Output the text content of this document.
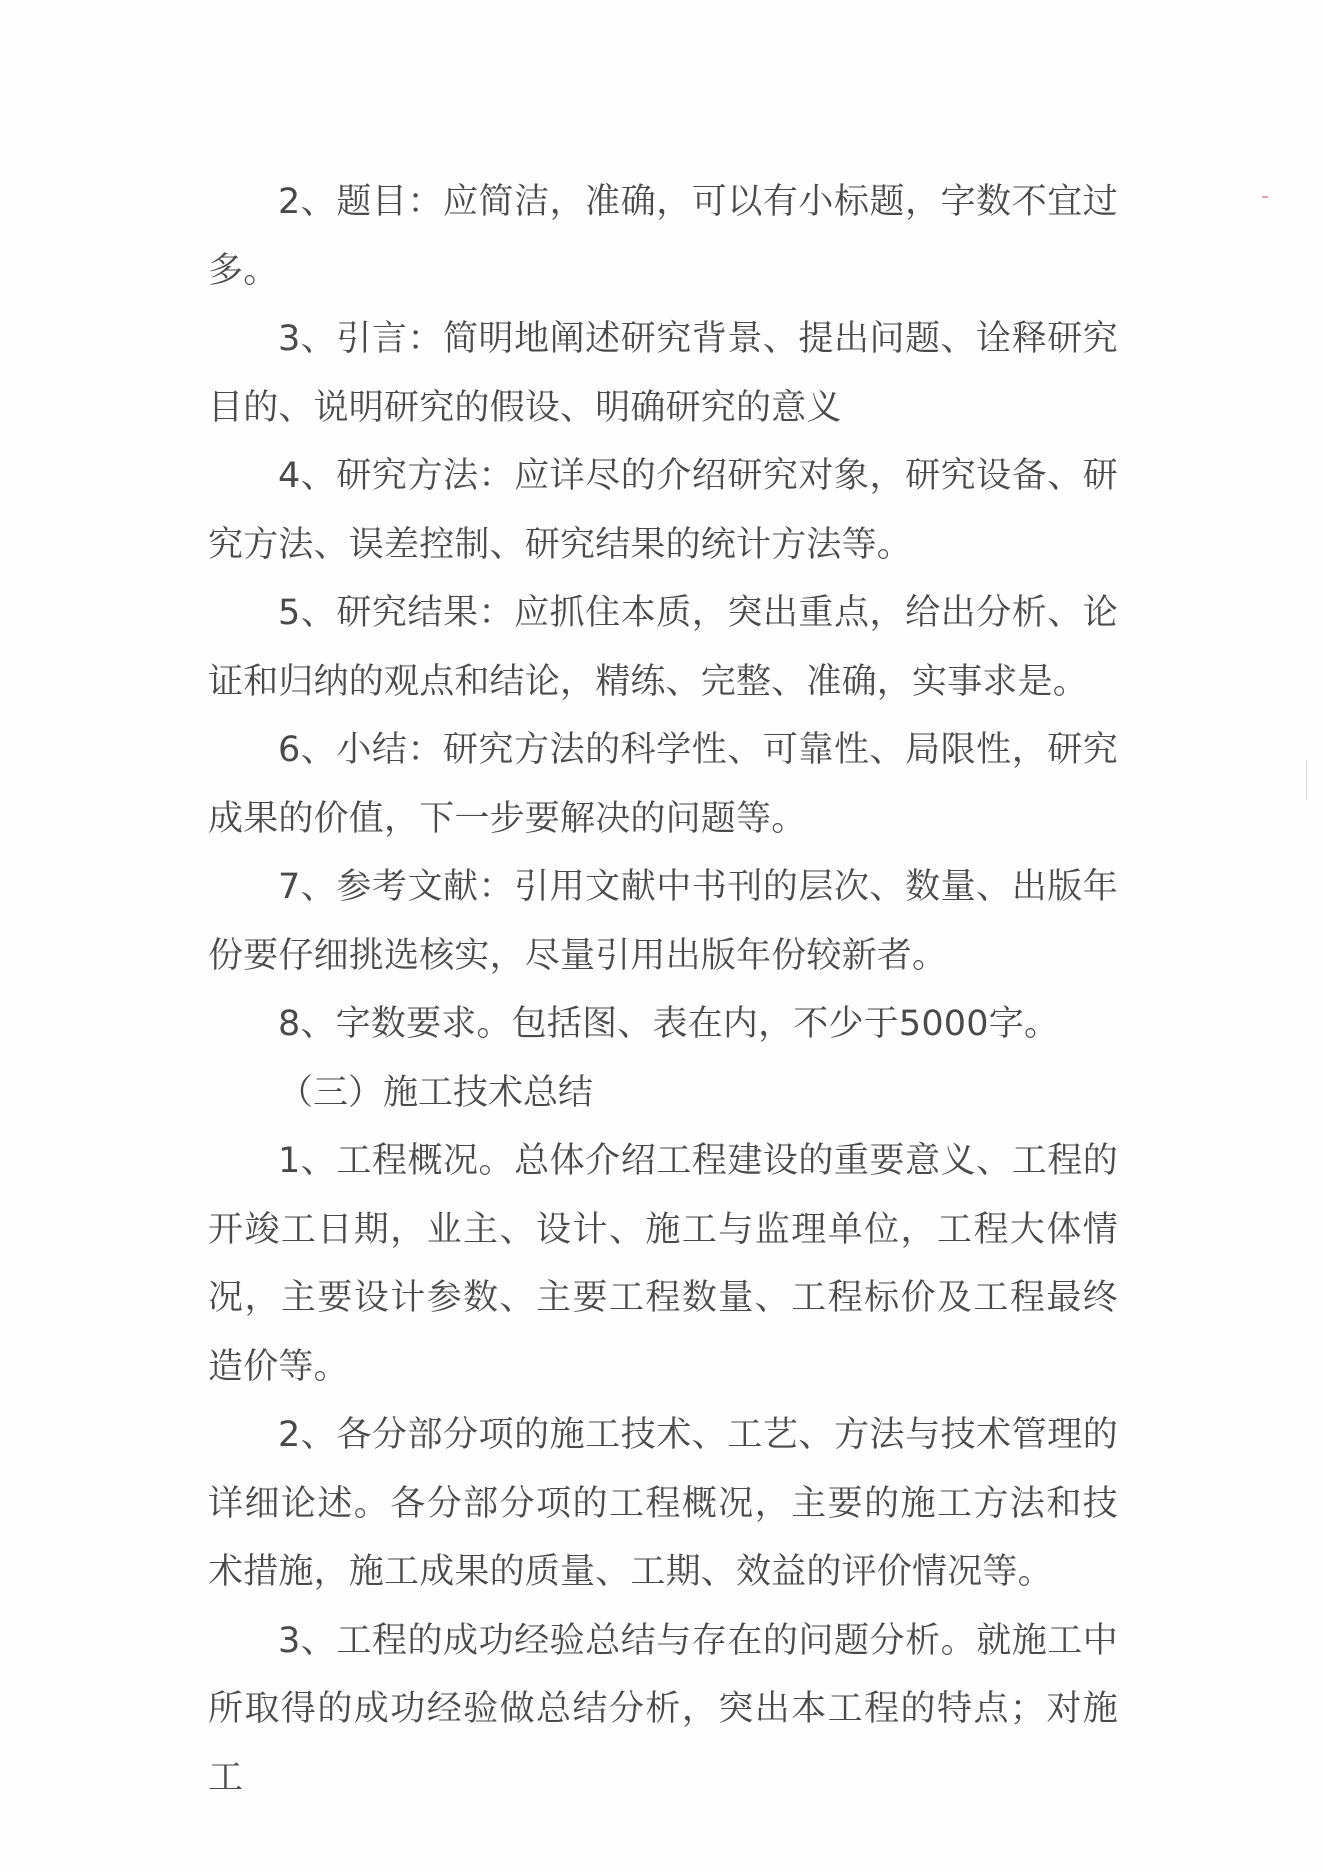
2、题目：应简洁，准确，可以有小标题，字数不宜过多。

3、引言：简明地阐述研究背景、提出问题、诠释研究目的、说明研究的假设、明确研究的意义

4、研究方法：应详尽的介绍研究对象，研究设备、研究方法、误差控制、研究结果的统计方法等。

5、研究结果：应抓住本质，突出重点，给出分析、论证和归纳的观点和结论，精练、完整、准确，实事求是。

6、小结：研究方法的科学性、可靠性、局限性，研究成果的价值，下一步要解决的问题等。

7、参考文献：引用文献中书刊的层次、数量、出版年份要仔细挑选核实，尽量引用出版年份较新者。

8、字数要求。包括图、表在内，不少于5000字。

（三）施工技术总结

1、工程概况。总体介绍工程建设的重要意义、工程的开竣工日期，业主、设计、施工与监理单位，工程大体情况，主要设计参数、主要工程数量、工程标价及工程最终造价等。

2、各分部分项的施工技术、工艺、方法与技术管理的详细论述。各分部分项的工程概况，主要的施工方法和技术措施，施工成果的质量、工期、效益的评价情况等。

3、工程的成功经验总结与存在的问题分析。就施工中所取得的成功经验做总结分析，突出本工程的特点；对施工
